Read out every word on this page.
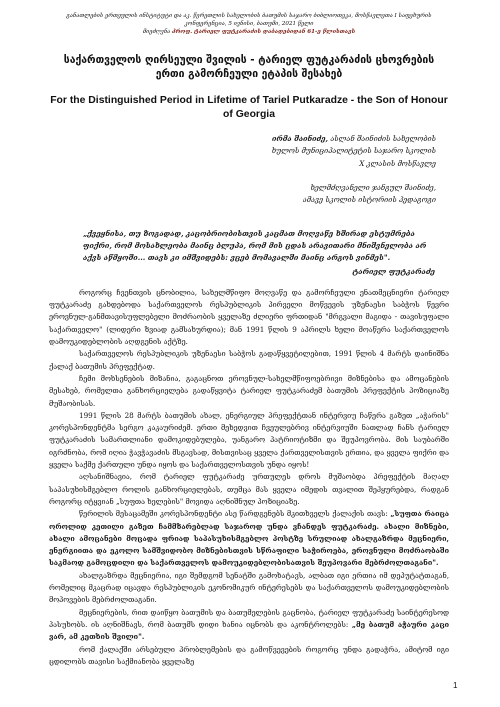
განათლების ერთეულის ინსტიტუტი და აკ. წერეთლის სახელობის ბათუმის საჯარო ბიბლიოთეკა, მოსწავლეთა I საფეხურის
კონფერენცია, 5 ივნისი, ბათუმი, 2021 წელი
მიეძღვნა პროფ. ტარიელ ფუტკარაძის დაბადებიდან 61-ე წლისთავს
საქართველოს ღირსეული შვილის - ტარიელ ფუტკარაძის ცხოვრების
ერთი გამორჩეული ეტაპის შესახებ
For the Distinguished Period in Lifetime of Tariel Putkaradze - the Son of Honour of Georgia
ირმა შაინიძე, ასლან შაინიძის სახელობის
ხულოს მუნიციპალიტეტის საჯარო სკოლის
X კლასის მოსწავლე
ხელმძღვანელი ჯანგულ შაინიძე,
ამავე სკოლის ისტორიის პედაგოგი
„ქვეყნისა, თუ ზოგადად, კაცობრიობისთვის კაცმათ მოღვაწე ხშირად ესტუმრება ფიქრი, რომ მოსახლეობა მაინც ბლუპა, რომ მის ცდას არავითარი მნიშვნელობა არ აქვს აწმყოში... თავს კი იმშვიდებს: ვცებ მომავალში მაინც არგოს ვინმეს".
ტარიელ ფუტკარაძე

როგორც ჩვენთვის ცნობილია, სახელმწიფო მოღვაწე და გამორჩეული ენათმეცნიერი ტარიელ ფუტკარაძე გახდებოდა საქართველოს რესპუბლიკის პირველი მოწვევის უზენაესი საბჭოს წევრი ეროვნულ-განმთავისუფლებელი მოძრაობის ყველაზე ძლიერი ფრთიდან "მრგვალი მაგიდა - თავისუფალი საქართველო" (ლიდერი ზვიად გამსახურდია); მან 1991 წლის 9 აპრილს ხელი მოაწერა საქართველოს დამოუკიდებლობის აღდგენის აქტზე.

საქართველოს რესპუბლიკის უზენაესი საბჭოს გადაწყვეტილებით, 1991 წლის 4 მარტს დაინიშნა ქალაქ ბათუმის პრეფექტად.

ჩემი მოხსენების მიზანია, გაგაცნოთ ეროვნულ-სახელმწიფოებრივი მიზნებისა და ამოცანების მესახებ, რომელთა განხორციელება გადაწყვიტა ტარიელ ფუტკარაძემ ბათუმის პრეფექტის პოზიციაზე მუშაობისას.

1991 წლის 28 მარტს ბათუმის ახალ, ენერგიულ პრეფექტთან ინტერვიუ ჩაწერა გაზეთ „აჭარის" კორესპონდენტმა სერგო კაკაურიძემ. ერთი მეხედვით ჩვეულებრივ ინტერვიუში ნათლად ჩანს ტარიელ ფუტკარაძის სამართლიანი დამოკიდებულება, უანგარო პატრიოტიზმი და შეუპოვრობა. მის საუბარში იგრძნობა, რომ იღია ჭავჭავაძის მსგავსად, მისთვისაც ყველა ქართველისთვის ერთია, და ყველა ფიქრი და ყველა საქმე ქართული უნდა იყოს და საქართველოსთვის უნდა იყოს!

აღსანიშნავია, რომ ტარიელ ფუტკარაძე ურთულეს დროს მუშაობდა პრეფექტის მაღალ საპასუხისმგებლო როლის განხორციელებას, თუმცა მას ყველა იმედის თვალით შეჰყურებდა, რადგან როგორც იტყვიან „სუფთა ხელების" მოვიდა აღნიშნულ პოზიციაზე.

წერილის მესაცამეში კორესპონდენტი ასე წარდგენებს მკითხველს ქალაქის თავს: „სუფთა რაიცა ოროლიდ კეთილი გაზეთ ჩამმზარებლად საჯაროდ უნდა ვჩანდეს ფუტკარაძე. ახალი მიზნები, ახალი ამოცანები მოცადა ფრიად საპასუხისმგებლო პოსტზე სრულიად ახალგაზრდა მეცნიერი, ენერგიითა და ეკოლო სამშვიდობო მიზნებისთვის სწრაფილი საჭიროება, ეროვნული მოძრაობაში საკმაოდ გამოცდილი და საქართველოს დამოუკიდებლობისათვის შეუპოვარი მებრძოლთაგანი".

ახალგაზრდა მეცნიერია, იგი შემდგომ სენატში გამოხატავს, ალბათ იგი ერთია იმ დეპუტატთაგან, რომელიც მკაცრად იცავდა რესპუბლიკის ეკონომიკურ ინტერესებს და საქართველოს დამოუკიდებლობის მოპოვების მებრძოლთაგანი.

მეცნიერების, რით დაიწყო ბათუმის და ბათუმელების გაცნობა, ტარიელ ფუტკარაძე საინტერესოდ პასუხობს. ის აღნიშნავს, რომ ბათუმს დიდი ხანია იცნობს და აკონტროლებს: „მე ბათუმ აჭაური კაცი ვარ, ამ კეთხის შვილი".

რომ ქალაქში არსებული პრობლემების და გამოწვევების როგორც უნდა გადაჭრა, ამიტომ იგი ცდილობს თავისი საქმიანობა ყველაზე

1
